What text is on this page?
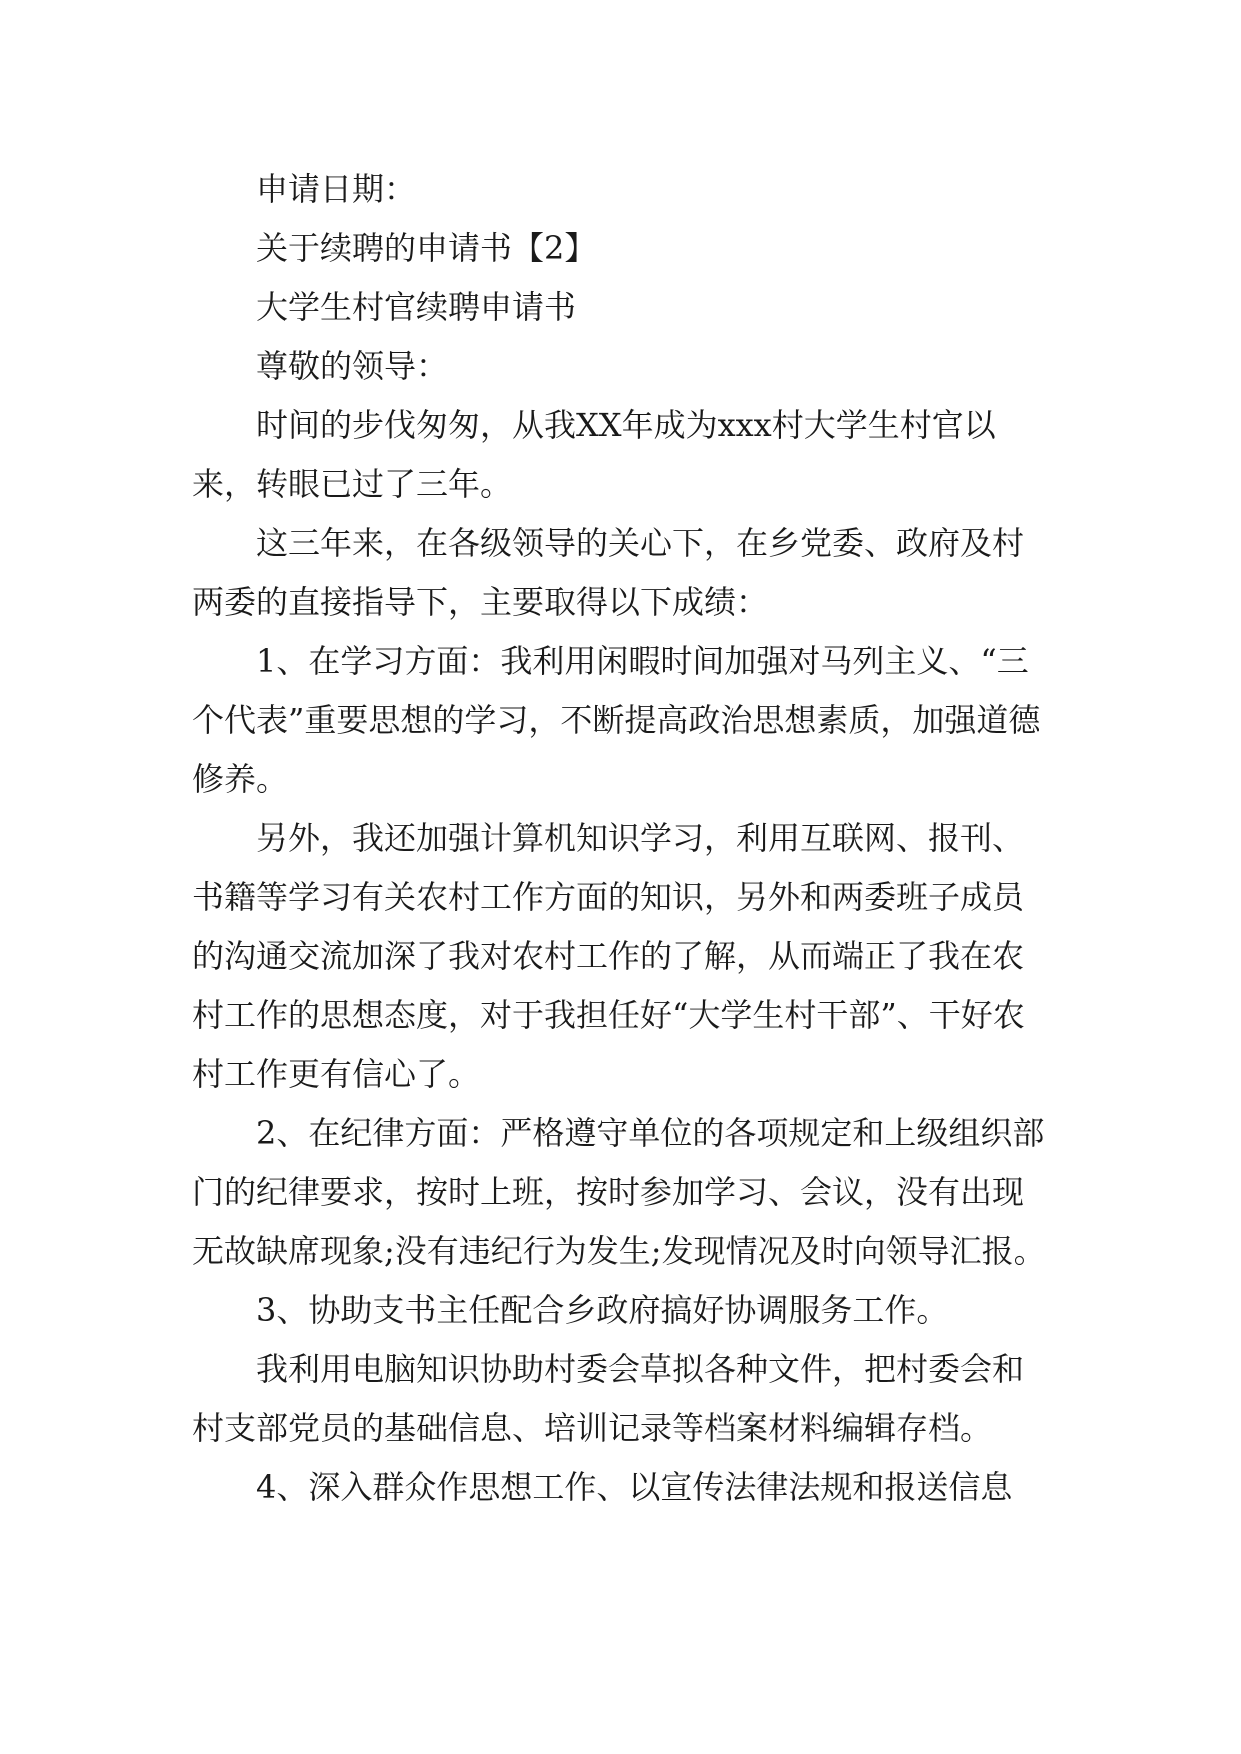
申请日期：

关于续聘的申请书【2】

大学生村官续聘申请书

尊敬的领导：

时间的步伐匆匆，从我XX年成为xxx村大学生村官以来，转眼已过了三年。

这三年来，在各级领导的关心下，在乡党委、政府及村两委的直接指导下，主要取得以下成绩：

1、在学习方面：我利用闲暇时间加强对马列主义、“三个代表”重要思想的学习，不断提高政治思想素质，加强道德修养。

另外，我还加强计算机知识学习，利用互联网、报刊、书籍等学习有关农村工作方面的知识，另外和两委班子成员的沟通交流加深了我对农村工作的了解，从而端正了我在农村工作的思想态度，对于我担任好“大学生村干部”、干好农村工作更有信心了。

2、在纪律方面：严格遵守单位的各项规定和上级组织部门的纪律要求，按时上班，按时参加学习、会议，没有出现无故缺席现象;没有违纪行为发生;发现情况及时向领导汇报。

3、协助支书主任配合乡政府搞好协调服务工作。

我利用电脑知识协助村委会草拟各种文件，把村委会和村支部党员的基础信息、培训记录等档案材料编辑存档。

4、深入群众作思想工作、以宣传法律法规和报送信息
